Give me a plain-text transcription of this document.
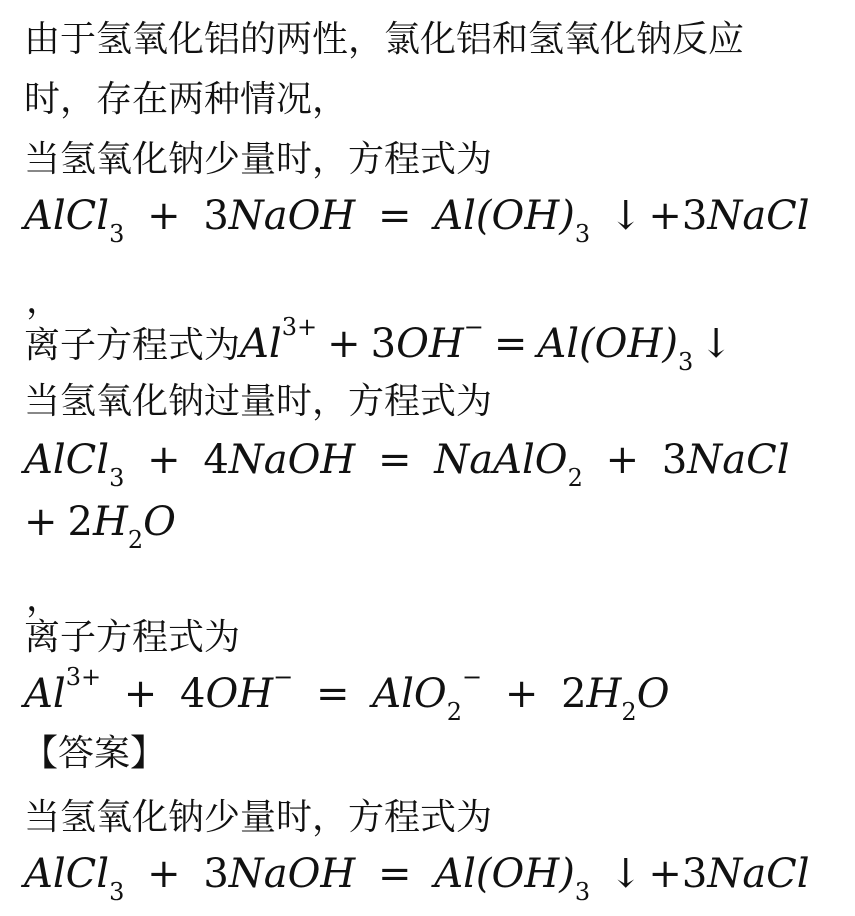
由于氢氧化铝的两性，氯化铝和氢氧化钠反应
时，存在两种情况，
当氢氧化钠少量时，方程式为
AlCl$_3$ + 3NaOH = $Al(OH)_3$ ↓ +3NaCl
，
离子方程式为$Al^{3+} + 3OH^- = Al(OH)_3$ ↓
当氢氧化钠过量时，方程式为
AlCl$_3$ + 4NaOH = NaAlO$_2$ + 3NaCl
+ $2H_2O$
，
离子方程式为
$Al^{3+} + 4OH^- = AlO_2^- + 2H_2O$
【答案】
当氢氧化钠少量时，方程式为
AlCl$_3$ + 3NaOH = $Al(OH)_3$ ↓ +3NaCl
